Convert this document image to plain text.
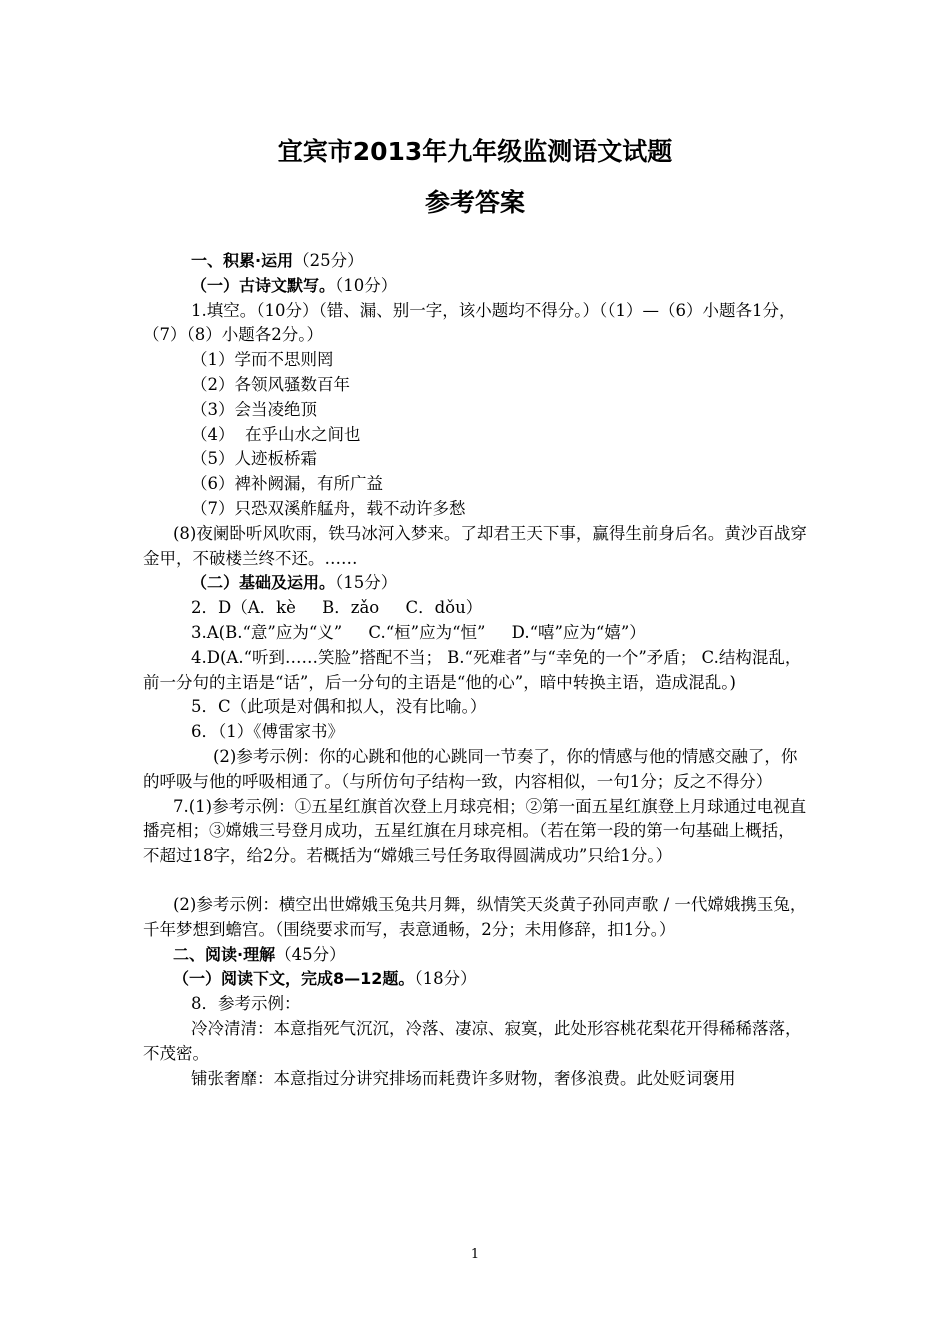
宜宾市2013年九年级监测语文试题
参考答案

一、积累·运用（25分）

（一）古诗文默写。（10分）

1.填空。（10分）（错、漏、别一字，该小题均不得分。）（（1）—（6）小题各1分，（7）（8）小题各2分。）

（1）学而不思则罔

（2）各领风骚数百年

（3）会当凌绝顶

（4）  在乎山水之间也

（5）人迹板桥霜

（6）裨补阙漏，有所广益

（7）只恐双溪舴艋舟，载不动许多愁

(8)夜阑卧听风吹雨，铁马冰河入梦来。了却君王天下事，赢得生前身后名。黄沙百战穿金甲，不破楼兰终不还。……

（二）基础及运用。（15分）

2．D（A．kè     B．zǎo     C．dǒu）

3.A(B.“意”应为“义”     C.“桓”应为“恒”     D.“嘻”应为“嬉”）

4.D(A.“听到……笑脸”搭配不当； B.“死难者”与“幸免的一个”矛盾； C.结构混乱，前一分句的主语是“话”，后一分句的主语是“他的心”，暗中转换主语，造成混乱。)

5．C（此项是对偶和拟人，没有比喻。）

6．（1）《傅雷家书》

(2)参考示例：你的心跳和他的心跳同一节奏了，你的情感与他的情感交融了，你的呼吸与他的呼吸相通了。（与所仿句子结构一致，内容相似，一句1分；反之不得分）

7.(1)参考示例：①五星红旗首次登上月球亮相；②第一面五星红旗登上月球通过电视直播亮相；③嫦娥三号登月成功，五星红旗在月球亮相。（若在第一段的第一句基础上概括，不超过18字，给2分。若概括为“嫦娥三号任务取得圆满成功”只给1分。）

(2)参考示例：横空出世嫦娥玉兔共月舞，纵情笑天炎黄子孙同声歌 / 一代嫦娥携玉兔，千年梦想到蟾宫。（围绕要求而写，表意通畅，2分；未用修辞，扣1分。）

二、阅读·理解（45分）

（一）阅读下文，完成8—12题。（18分）

8．参考示例：

冷冷清清：本意指死气沉沉，冷落、凄凉、寂寞，此处形容桃花梨花开得稀稀落落，不茂密。

铺张奢靡：本意指过分讲究排场而耗费许多财物，奢侈浪费。此处贬词褒用

1
